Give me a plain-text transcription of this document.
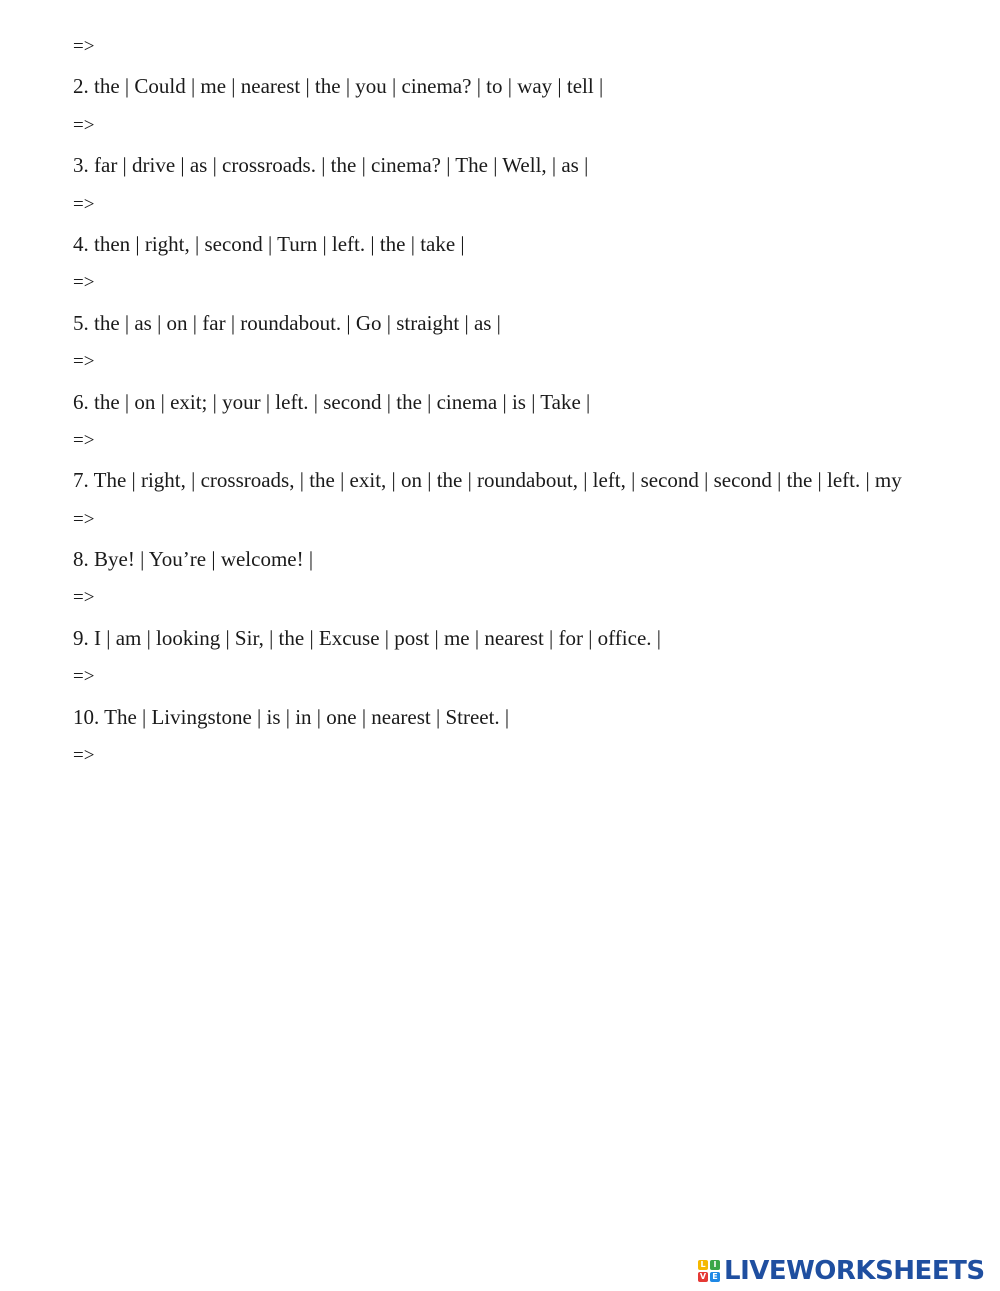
=>
2. the | Could | me | nearest | the | you | cinema? | to | way | tell |
=>
3. far | drive | as | crossroads. | the | cinema? | The | Well, | as |
=>
4. then | right, | second | Turn | left. | the | take |
=>
5. the | as | on | far | roundabout. | Go | straight | as |
=>
6. the | on | exit; | your | left. | second | the | cinema | is | Take |
=>
7. The | right, | crossroads, | the | exit, | on | the | roundabout, | left, | second | second | the | left. | my
=>
8. Bye! | You’re | welcome! |
=>
9. I | am | looking | Sir, | the | Excuse | post | me | nearest | for | office. |
=>
10. The | Livingstone | is | in | one | nearest | Street. |
=>
L I
V E LIVEWORKSHEETS
